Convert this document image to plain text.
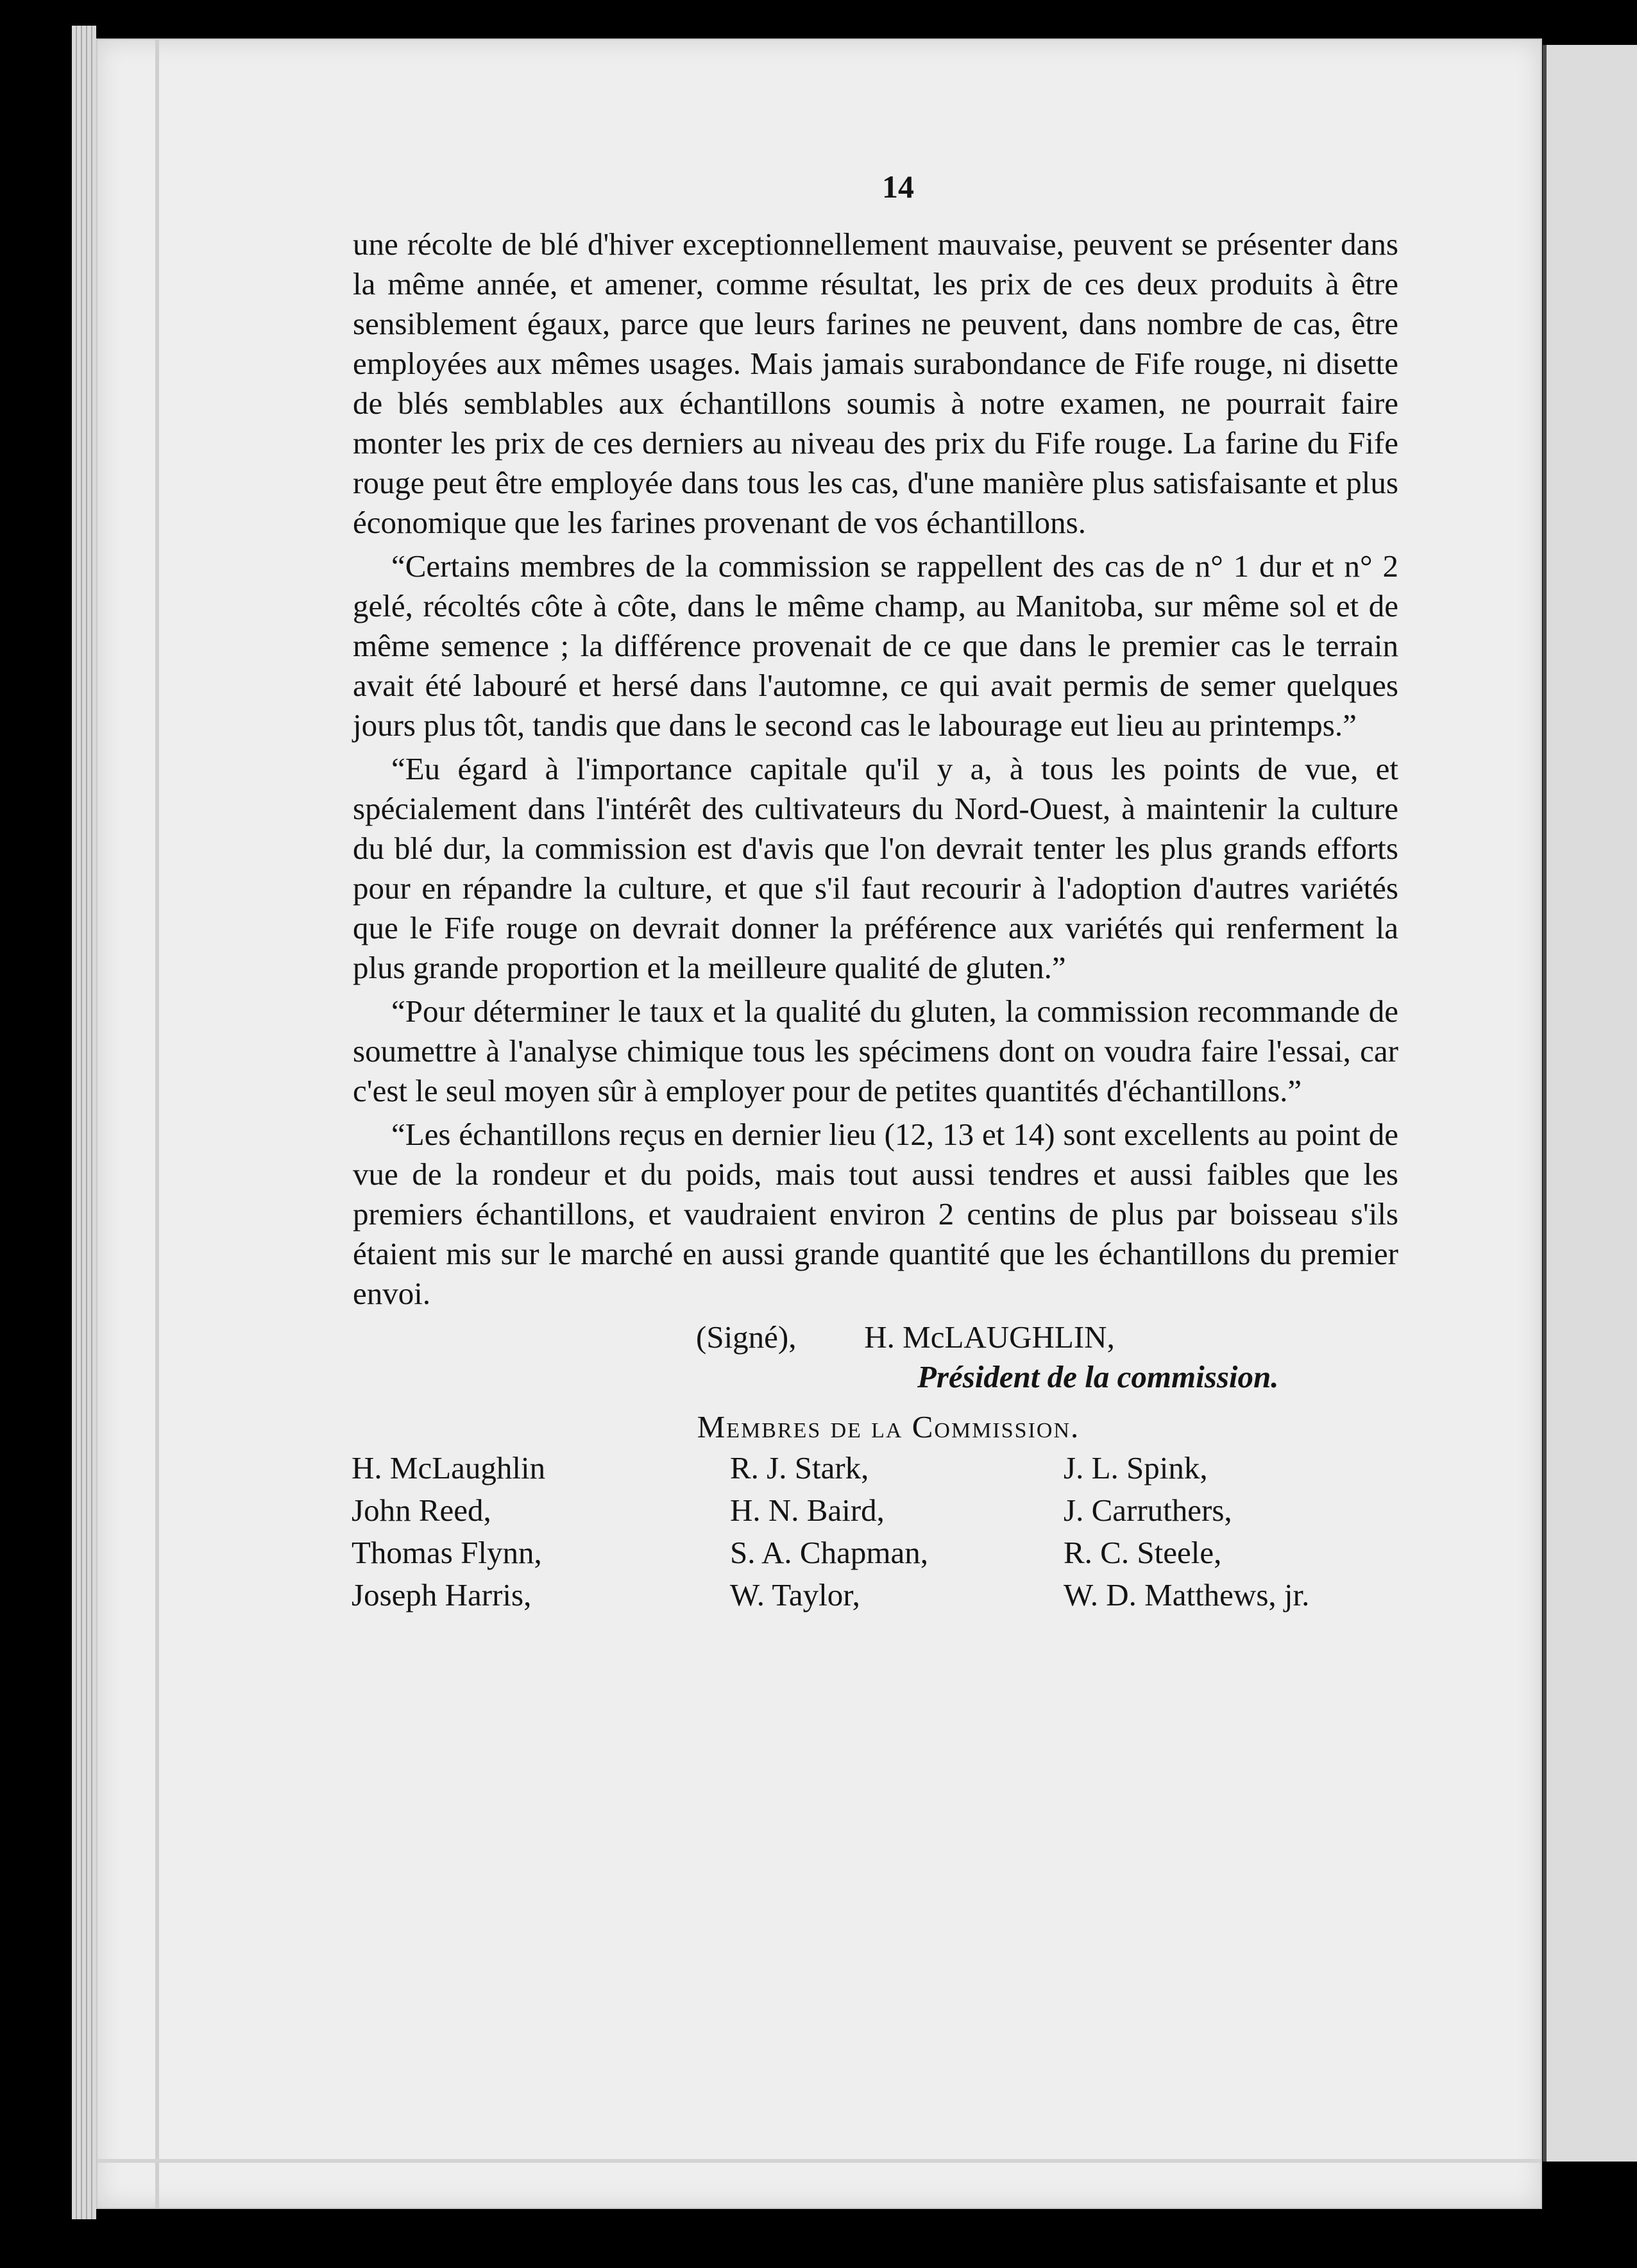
14

une récolte de blé d'hiver exceptionnellement mauvaise, peuvent se présenter dans la même année, et amener, comme résultat, les prix de ces deux produits à être sensiblement égaux, parce que leurs farines ne peuvent, dans nombre de cas, être employées aux mêmes usages. Mais jamais surabondance de Fife rouge, ni disette de blés semblables aux échantillons soumis à notre examen, ne pourrait faire monter les prix de ces derniers au niveau des prix du Fife rouge. La farine du Fife rouge peut être employée dans tous les cas, d'une manière plus satisfaisante et plus économique que les farines provenant de vos échantillons.

“Certains membres de la commission se rappellent des cas de n° 1 dur et n° 2 gelé, récoltés côte à côte, dans le même champ, au Manitoba, sur même sol et de même semence ; la différence provenait de ce que dans le premier cas le terrain avait été labouré et hersé dans l'automne, ce qui avait permis de semer quelques jours plus tôt, tandis que dans le second cas le labourage eut lieu au printemps.”

“Eu égard à l'importance capitale qu'il y a, à tous les points de vue, et spécialement dans l'intérêt des cultivateurs du Nord-Ouest, à maintenir la culture du blé dur, la commission est d'avis que l'on devrait tenter les plus grands efforts pour en répandre la culture, et que s'il faut recourir à l'adoption d'autres variétés que le Fife rouge on devrait donner la préférence aux variétés qui renferment la plus grande proportion et la meilleure qualité de gluten.”

“Pour déterminer le taux et la qualité du gluten, la commission recommande de soumettre à l'analyse chimique tous les spécimens dont on voudra faire l'essai, car c'est le seul moyen sûr à employer pour de petites quantités d'échantillons.”

“Les échantillons reçus en dernier lieu (12, 13 et 14) sont excellents au point de vue de la rondeur et du poids, mais tout aussi tendres et aussi faibles que les premiers échantillons, et vaudraient environ 2 centins de plus par boisseau s'ils étaient mis sur le marché en aussi grande quantité que les échantillons du premier envoi.

(Signé), H. McLAUGHLIN,
Président de la commission.
Membres de la Commission.
H. McLaughlin
John Reed,
Thomas Flynn,
Joseph Harris,
R. J. Stark,
H. N. Baird,
S. A. Chapman,
W. Taylor,
J. L. Spink,
J. Carruthers,
R. C. Steele,
W. D. Matthews, jr.
